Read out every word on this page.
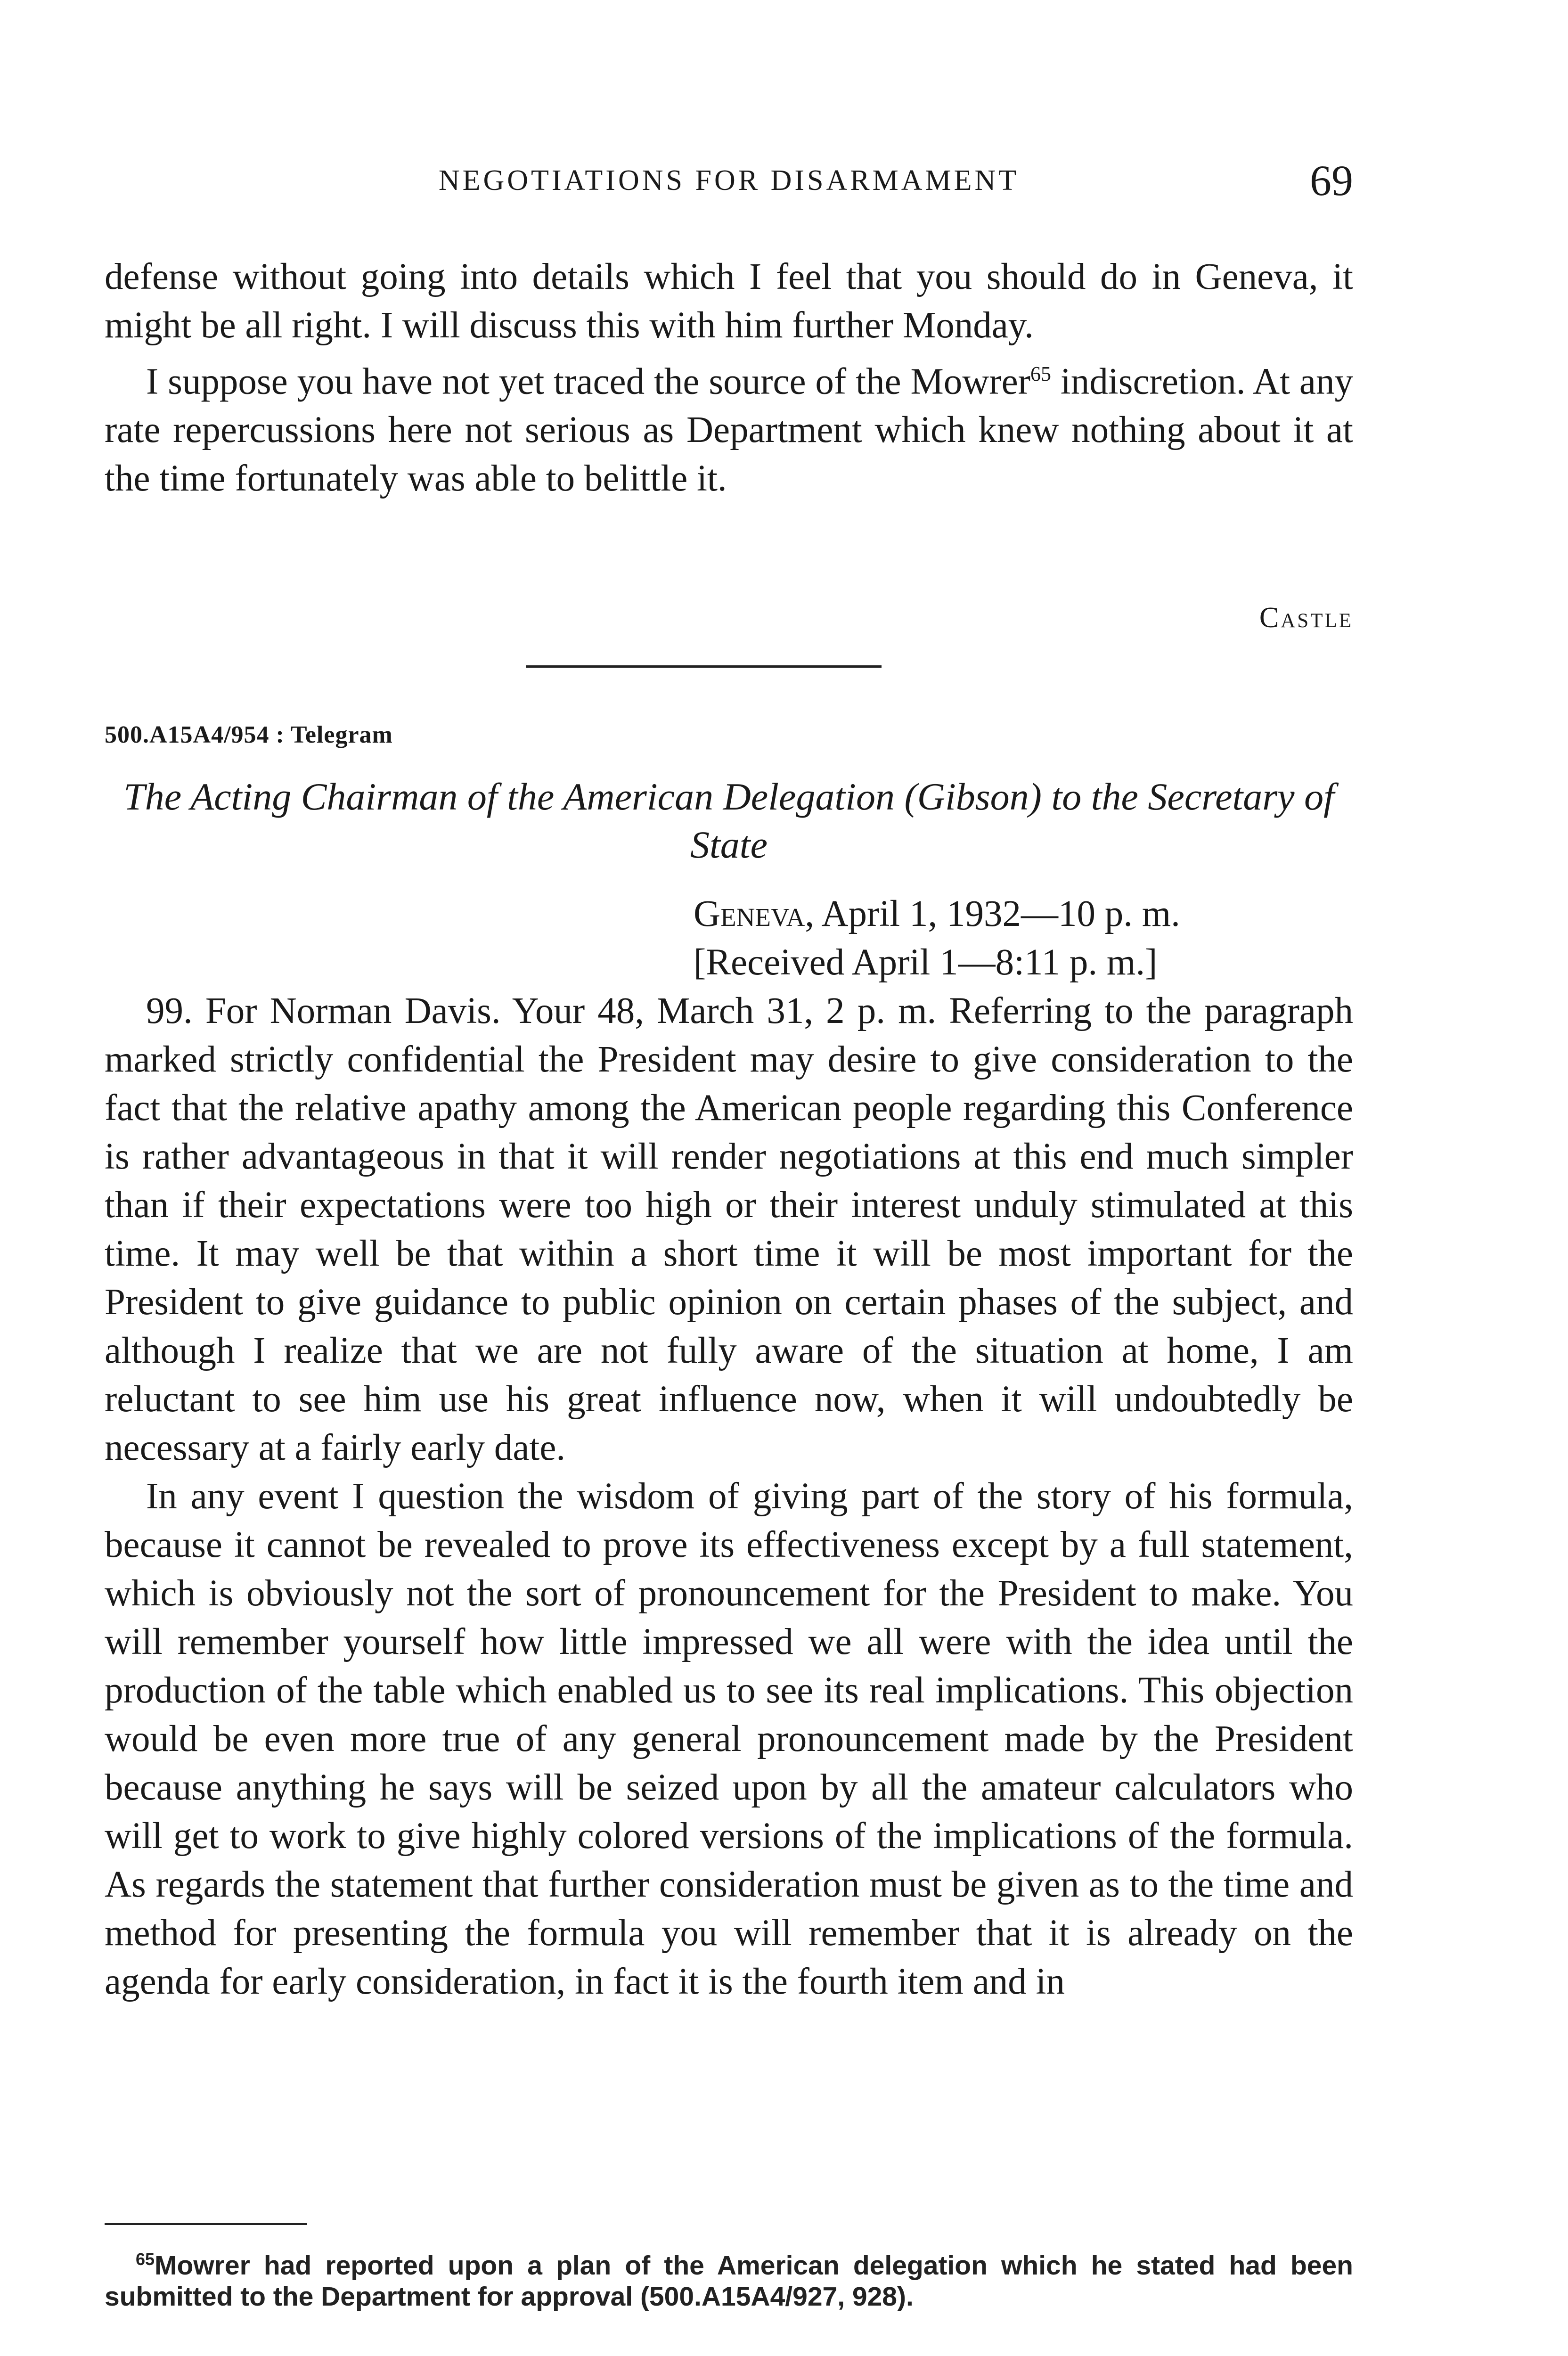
NEGOTIATIONS FOR DISARMAMENT	69

defense without going into details which I feel that you should do in Geneva, it might be all right. I will discuss this with him further Monday.

I suppose you have not yet traced the source of the Mowrer$^{65}$ indiscretion. At any rate repercussions here not serious as Department which knew nothing about it at the time fortunately was able to belittle it.

Castle
500.A15A4/954 : Telegram

The Acting Chairman of the American Delegation (Gibson) to the Secretary of State

Geneva, April 1, 1932—10 p. m.
[Received April 1—8:11 p. m.]

99. For Norman Davis. Your 48, March 31, 2 p. m. Referring to the paragraph marked strictly confidential the President may desire to give consideration to the fact that the relative apathy among the American people regarding this Conference is rather advantageous in that it will render negotiations at this end much simpler than if their expectations were too high or their interest unduly stimulated at this time. It may well be that within a short time it will be most important for the President to give guidance to public opinion on certain phases of the subject, and although I realize that we are not fully aware of the situation at home, I am reluctant to see him use his great influence now, when it will undoubtedly be necessary at a fairly early date.

In any event I question the wisdom of giving part of the story of his formula, because it cannot be revealed to prove its effectiveness except by a full statement, which is obviously not the sort of pronouncement for the President to make. You will remember yourself how little impressed we all were with the idea until the production of the table which enabled us to see its real implications. This objection would be even more true of any general pronouncement made by the President because anything he says will be seized upon by all the amateur calculators who will get to work to give highly colored versions of the implications of the formula. As regards the statement that further consideration must be given as to the time and method for presenting the formula you will remember that it is already on the agenda for early consideration, in fact it is the fourth item and in

$^{65}$Mowrer had reported upon a plan of the American delegation which he stated had been submitted to the Department for approval (500.A15A4/927, 928).
